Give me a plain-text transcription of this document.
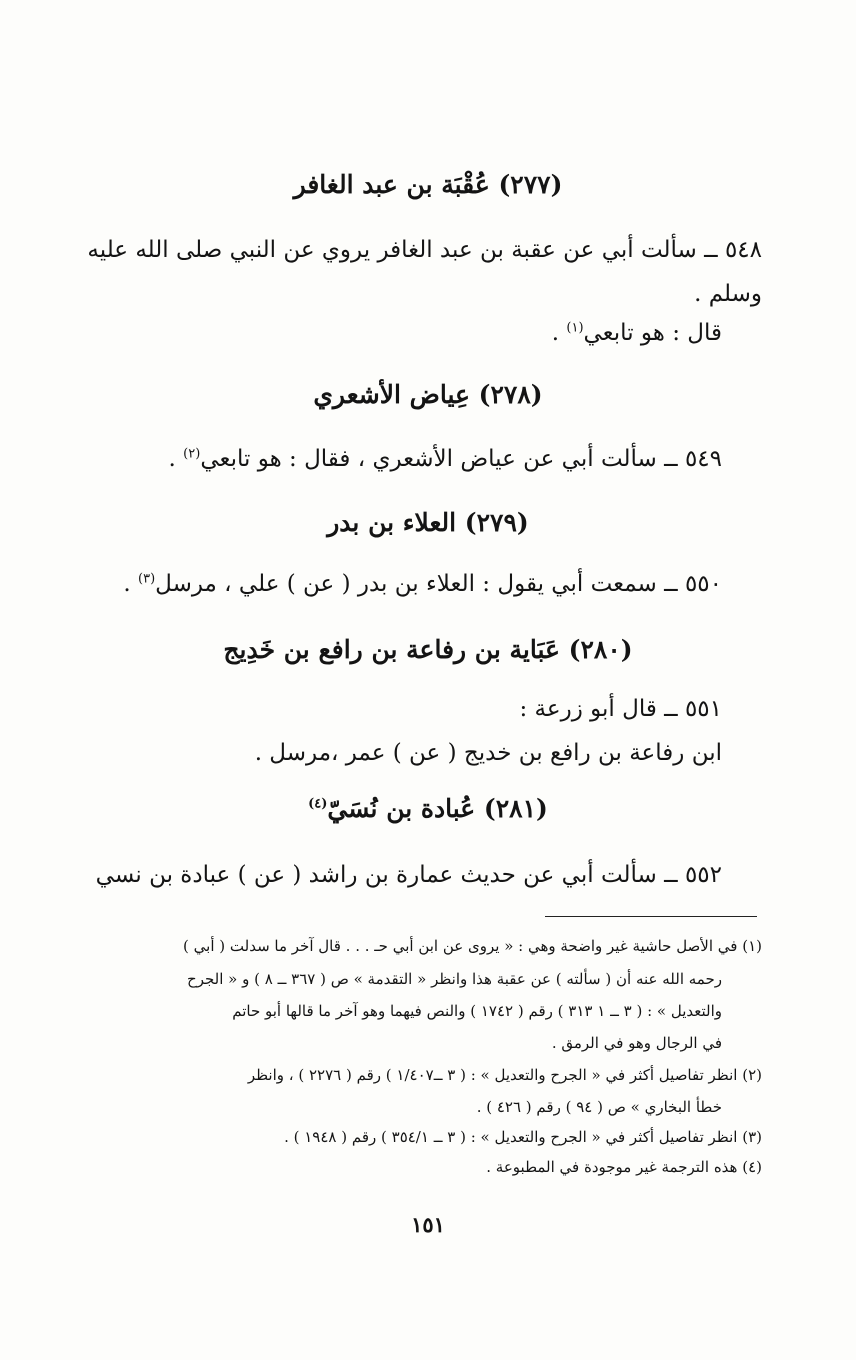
(٢٧٧) عُقْبَة بن عبد الغافر
٥٤٨ ــ سألت أبي عن عقبة بن عبد الغافر يروي عن النبي صلى الله عليه
وسلم .
قال : هو تابعي$^{(١)}$ .
(٢٧٨) عِياض الأشعري
٥٤٩ ــ سألت أبي عن عياض الأشعري ، فقال : هو تابعي$^{(٢)}$ .
(٢٧٩) العلاء بن بدر
٥٥٠ ــ سمعت أبي يقول : العلاء بن بدر ( عن ) علي ، مرسل$^{(٣)}$ .
(٢٨٠) عَبَاية بن رفاعة بن رافع بن خَدِيج
٥٥١ ــ قال أبو زرعة :
ابن رفاعة بن رافع بن خديج ( عن ) عمر ،مرسل .
(٢٨١) عُبادة بن نُسَيّ$^{(٤)}$
٥٥٢ ــ سألت أبي عن حديث عمارة بن راشد ( عن ) عبادة بن نسي
(١) في الأصل حاشية غير واضحة وهي : « يروى عن ابن أبي حـ . . . قال آخر ما سدلت ( أبي )
رحمه الله عنه أن ( سألته ) عن عقبة هذا وانظر « التقدمة » ص ( ٣٦٧ ــ ٨ ) و « الجرح
والتعديل » : ( ٣ ــ ١ ٣١٣ ) رقم ( ١٧٤٢ ) والنص فيهما وهو آخر ما قالها أبو حاتم
في الرجال وهو في الرمق .
(٢) انظر تفاصيل أكثر في « الجرح والتعديل » : ( ٣ ــ١/٤٠٧ ) رقم ( ٢٢٧٦ ) ، وانظر
خطأ البخاري » ص ( ٩٤ ) رقم ( ٤٢٦ ) .
(٣) انظر تفاصيل أكثر في « الجرح والتعديل » : ( ٣ ــ ٣٥٤/١ ) رقم ( ١٩٤٨ ) .
(٤) هذه الترجمة غير موجودة في المطبوعة .
١٥١
